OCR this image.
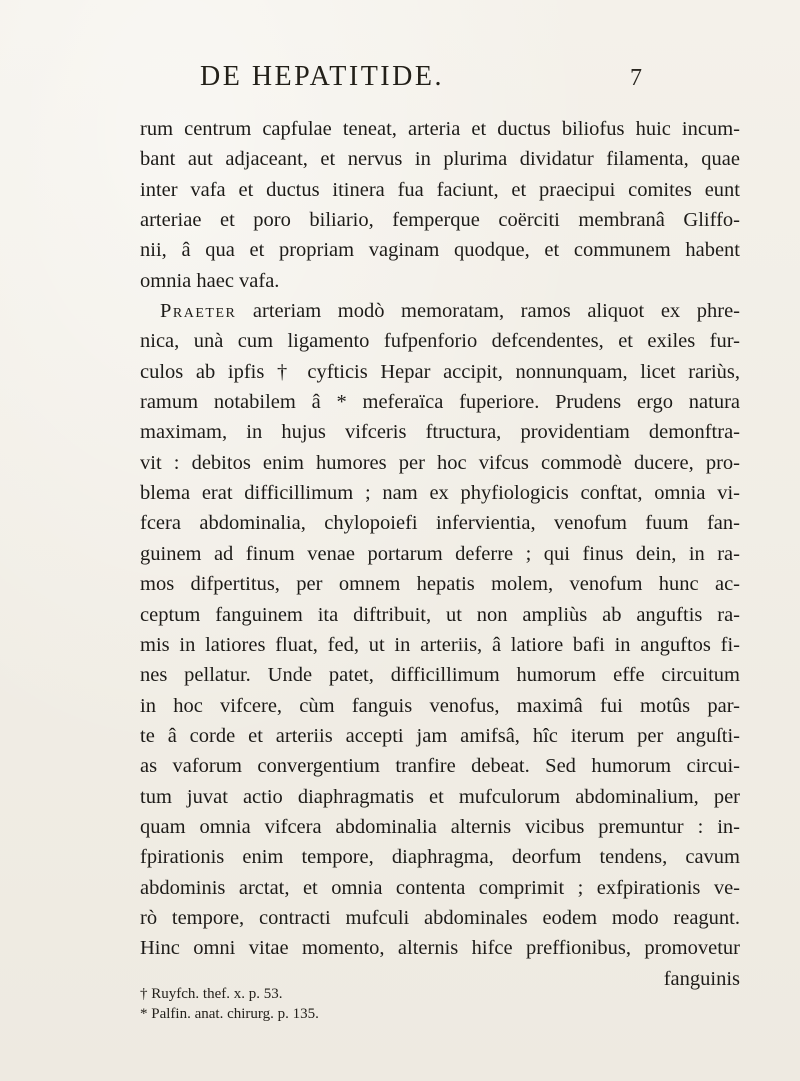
DE HEPATITIDE.	7
rum centrum capfulae teneat, arteria et ductus biliofus huic incum-
bant aut adjaceant, et nervus in plurima dividatur filamenta, quae
inter vafa et ductus itinera fua faciunt, et praecipui comites eunt
arteriae et poro biliario, femperque coërciti membranâ Gliffo-
nii, â qua et propriam vaginam quodque, et communem habent
omnia haec vafa.
Praeter arteriam modò memoratam, ramos aliquot ex phre-
nica, unà cum ligamento fufpenforio defcendentes, et exiles fur-
culos ab ipfis † cyfticis Hepar accipit, nonnunquam, licet rariùs,
ramum notabilem â * meferaïca fuperiore. Prudens ergo natura
maximam, in hujus vifceris ftructura, providentiam demonftra-
vit : debitos enim humores per hoc vifcus commodè ducere, pro-
blema erat difficillimum ; nam ex phyfiologicis conftat, omnia vi-
fcera abdominalia, chylopoiefi infervientia, venofum fuum fan-
guinem ad finum venae portarum deferre ; qui finus dein, in ra-
mos difpertitus, per omnem hepatis molem, venofum hunc ac-
ceptum fanguinem ita diftribuit, ut non ampliùs ab anguftis ra-
mis in latiores fluat, fed, ut in arteriis, â latiore bafi in anguftos fi-
nes pellatur. Unde patet, difficillimum humorum effe circuitum
in hoc vifcere, cùm fanguis venofus, maximâ fui motûs par-
te â corde et arteriis accepti jam amifsâ, hîc iterum per anguſti-
as vaforum convergentium tranfire debeat. Sed humorum circui-
tum juvat actio diaphragmatis et mufculorum abdominalium, per
quam omnia vifcera abdominalia alternis vicibus premuntur : in-
fpirationis enim tempore, diaphragma, deorfum tendens, cavum
abdominis arctat, et omnia contenta comprimit ; exfpirationis ve-
rò tempore, contracti mufculi abdominales eodem modo reagunt.
Hinc omni vitae momento, alternis hifce preffionibus, promovetur
fanguinis
† Ruyfch. thef. x. p. 53.
* Palfin. anat. chirurg. p. 135.
